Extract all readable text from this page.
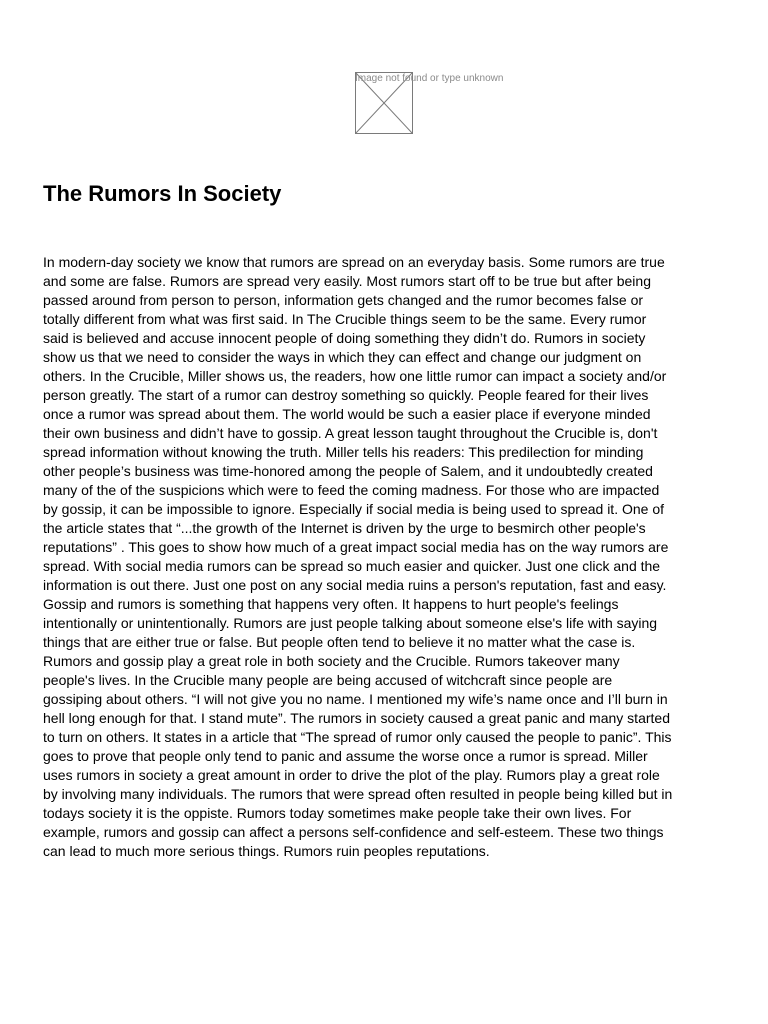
Image not found or type unknown
The Rumors In Society
In modern-day society we know that rumors are spread on an everyday basis. Some rumors are true
and some are false. Rumors are spread very easily. Most rumors start off to be true but after being
passed around from person to person, information gets changed and the rumor becomes false or
totally different from what was first said. In The Crucible things seem to be the same. Every rumor
said is believed and accuse innocent people of doing something they didn’t do. Rumors in society
show us that we need to consider the ways in which they can effect and change our judgment on
others. In the Crucible, Miller shows us, the readers, how one little rumor can impact a society and/or
person greatly. The start of a rumor can destroy something so quickly. People feared for their lives
once a rumor was spread about them. The world would be such a easier place if everyone minded
their own business and didn’t have to gossip. A great lesson taught throughout the Crucible is, don't
spread information without knowing the truth. Miller tells his readers: This predilection for minding
other people’s business was time-honored among the people of Salem, and it undoubtedly created
many of the of the suspicions which were to feed the coming madness. For those who are impacted
by gossip, it can be impossible to ignore. Especially if social media is being used to spread it. One of
the article states that “...the growth of the Internet is driven by the urge to besmirch other people's
reputations” . This goes to show how much of a great impact social media has on the way rumors are
spread. With social media rumors can be spread so much easier and quicker. Just one click and the
information is out there. Just one post on any social media ruins a person's reputation, fast and easy.
Gossip and rumors is something that happens very often. It happens to hurt people's feelings
intentionally or unintentionally. Rumors are just people talking about someone else's life with saying
things that are either true or false. But people often tend to believe it no matter what the case is.
Rumors and gossip play a great role in both society and the Crucible. Rumors takeover many
people's lives. In the Crucible many people are being accused of witchcraft since people are
gossiping about others. “I will not give you no name. I mentioned my wife’s name once and I’ll burn in
hell long enough for that. I stand mute”. The rumors in society caused a great panic and many started
to turn on others. It states in a article that “The spread of rumor only caused the people to panic”. This
goes to prove that people only tend to panic and assume the worse once a rumor is spread. Miller
uses rumors in society a great amount in order to drive the plot of the play. Rumors play a great role
by involving many individuals. The rumors that were spread often resulted in people being killed but in
todays society it is the oppiste. Rumors today sometimes make people take their own lives. For
example, rumors and gossip can affect a persons self-confidence and self-esteem. These two things
can lead to much more serious things. Rumors ruin peoples reputations.
